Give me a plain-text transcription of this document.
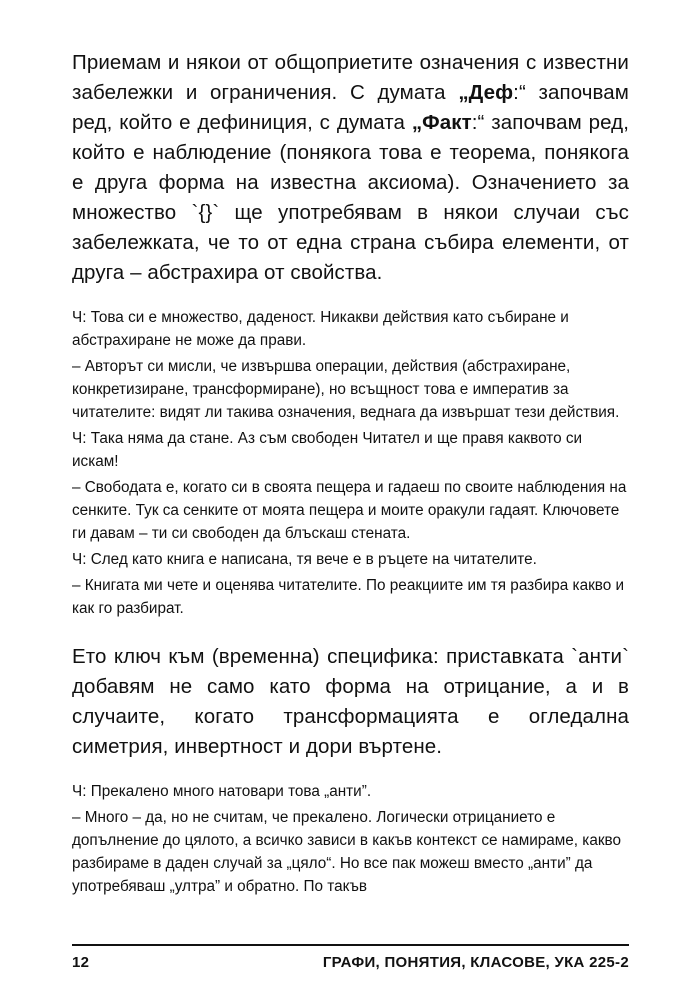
Приемам и някои от общоприетите означения с известни забележки и ограничения. С думата „Деф:“ започвам ред, който е дефиниция, с думата „Факт:“ започвам ред, който е наблюдение (понякога това е теорема, понякога е друга форма на известна аксиома). Означението за множество `{}` ще употребявам в някои случаи със забележката, че то от една страна събира елементи, от друга – абстрахира от свойства.

Ч: Това си е множество, даденост. Никакви действия като събиране и абстрахиране не може да прави.

– Авторът си мисли, че извършва операции, действия (абстрахиране, конкретизиране, трансформиране), но всъщност това е императив за читателите: видят ли такива означения, веднага да извършат тези действия.

Ч: Така няма да стане. Аз съм свободен Читател и ще правя каквото си искам!

– Свободата е, когато си в своята пещера и гадаеш по своите наблюдения на сенките. Тук са сенките от моята пещера и моите оракули гадаят. Ключовете ги давам – ти си свободен да блъскаш стената.

Ч: След като книга е написана, тя вече е в ръцете на читателите.

– Книгата ми чете и оценява читателите. По реакциите им тя разбира какво и как го разбират.

Ето ключ към (временна) специфика: приставката `анти` добавям не само като форма на отрицание, а и в случаите, когато трансформацията е огледална симетрия, инвертност и дори въртене.

Ч: Прекалено много натовари това „анти”.

– Много – да, но не считам, че прекалено. Логически отрицанието е допълнение до цялото, а всичко зависи в какъв контекст се намираме, какво разбираме в даден случай за „цяло“. Но все пак можеш вместо „анти” да употребяваш „ултра” и обратно. По такъв

12	ГРАФИ, ПОНЯТИЯ, КЛАСОВЕ, УКА 225-2
